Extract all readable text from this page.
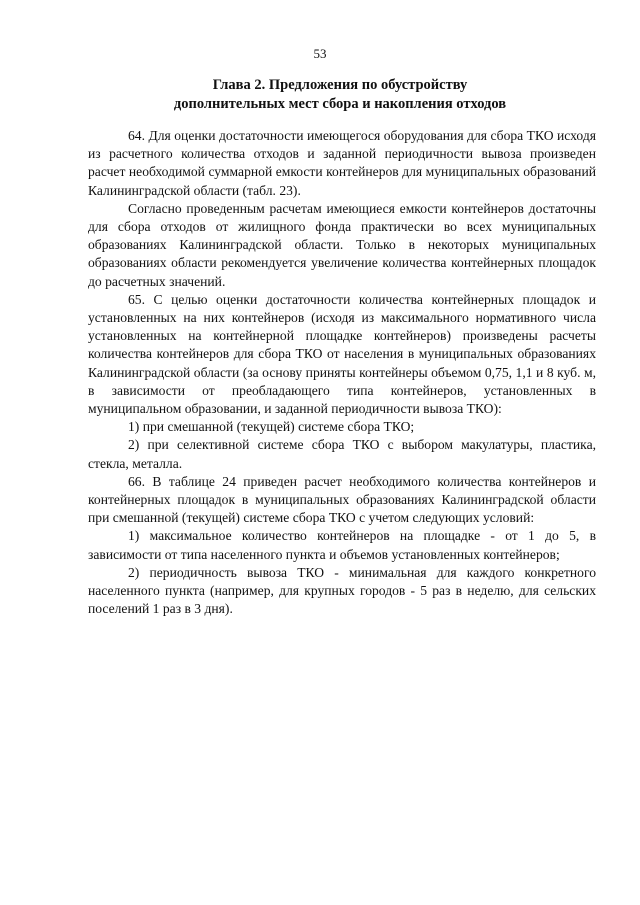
53
Глава 2. Предложения по обустройству
дополнительных мест сбора и накопления отходов

64. Для оценки достаточности имеющегося оборудования для сбора ТКО исходя из расчетного количества отходов и заданной периодичности вывоза произведен расчет необходимой суммарной емкости контейнеров для муниципальных образований Калининградской области (табл. 23).

Согласно проведенным расчетам имеющиеся емкости контейнеров достаточны для сбора отходов от жилищного фонда практически во всех муниципальных образованиях Калининградской области. Только в некоторых муниципальных образованиях области рекомендуется увеличение количества контейнерных площадок до расчетных значений.

65. С целью оценки достаточности количества контейнерных площадок и установленных на них контейнеров (исходя из максимального нормативного числа установленных на контейнерной площадке контейнеров) произведены расчеты количества контейнеров для сбора ТКО от населения в муниципальных образованиях Калининградской области (за основу приняты контейнеры объемом 0,75, 1,1 и 8 куб. м, в зависимости от преобладающего типа контейнеров, установленных в муниципальном образовании, и заданной периодичности вывоза ТКО):

1) при смешанной (текущей) системе сбора ТКО;

2) при селективной системе сбора ТКО с выбором макулатуры, пластика, стекла, металла.

66. В таблице 24 приведен расчет необходимого количества контейнеров и контейнерных площадок в муниципальных образованиях Калининградской области при смешанной (текущей) системе сбора ТКО с учетом следующих условий:

1) максимальное количество контейнеров на площадке - от 1 до 5, в зависимости от типа населенного пункта и объемов установленных контейнеров;

2) периодичность вывоза ТКО - минимальная для каждого конкретного населенного пункта (например, для крупных городов - 5 раз в неделю, для сельских поселений 1 раз в 3 дня).
